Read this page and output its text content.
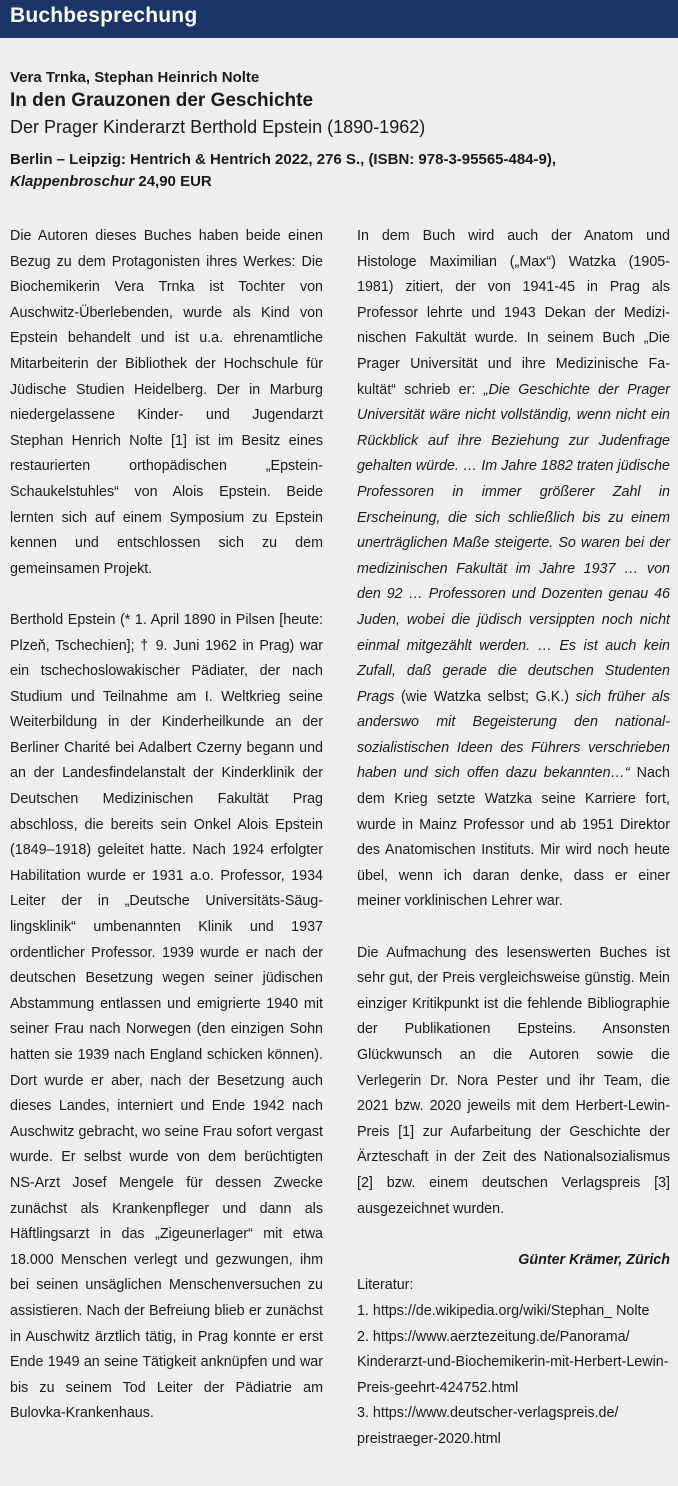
Buchbesprechung
Vera Trnka, Stephan Heinrich Nolte
In den Grauzonen der Geschichte
Der Prager Kinderarzt Berthold Epstein (1890-1962)
Berlin – Leipzig: Hentrich & Hentrich 2022, 276 S., (ISBN: 978-3-95565-484-9),
Klappenbroschur 24,90 EUR

Die Autoren dieses Buches haben beide einen Bezug zu dem Protagonisten ihres Werkes: Die Biochemikerin Vera Trnka ist Tochter von Auschwitz-Überlebenden, wurde als Kind von Epstein behandelt und ist u.a. ehrenamtliche Mitarbeiterin der Bibliothek der Hochschule für Jüdische Studien Heidelberg. Der in Marburg niedergelassene Kinder- und Jugendarzt Stephan Henrich Nolte [1] ist im Besitz eines restaurierten orthopädischen „Epstein-Schaukelstuhles“ von Alois Epstein. Beide lernten sich auf einem Symposium zu Epstein kennen und entschlossen sich zu dem gemeinsamen Projekt.

Berthold Epstein (* 1. April 1890 in Pilsen [heute: Plzeň, Tschechien]; † 9. Juni 1962 in Prag) war ein tschechoslowakischer Pädiater, der nach Studium und Teilnahme am I. Weltkrieg seine Weiterbildung in der Kinderheilkunde an der Berliner Charité bei Adalbert Czerny begann und an der Landesfindelanstalt der Kinderklinik der Deutschen Medizinischen Fakultät Prag abschloss, die bereits sein Onkel Alois Epstein (1849–1918) geleitet hatte. Nach 1924 erfolgter Habilitation wurde er 1931 a.o. Professor, 1934 Leiter der in „Deutsche Universitäts-Säuglingsklinik“ umbenannten Klinik und 1937 ordentlicher Professor. 1939 wurde er nach der deutschen Besetzung wegen seiner jüdischen Abstammung entlassen und emigrierte 1940 mit seiner Frau nach Norwegen (den einzigen Sohn hatten sie 1939 nach England schicken können). Dort wurde er aber, nach der Besetzung auch dieses Landes, interniert und Ende 1942 nach Auschwitz gebracht, wo seine Frau sofort vergast wurde. Er selbst wurde von dem berüchtigten NS-Arzt Josef Mengele für dessen Zwecke zunächst als Krankenpfleger und dann als Häftlingsarzt in das „Zigeunerlager“ mit etwa 18.000 Menschen verlegt und gezwungen, ihm bei seinen unsäglichen Menschenversuchen zu assistieren. Nach der Befreiung blieb er zunächst in Auschwitz ärztlich tätig, in Prag konnte er erst Ende 1949 an seine Tätigkeit anknüpfen und war bis zu seinem Tod Leiter der Pädiatrie am Bulovka-Krankenhaus.

In dem Buch wird auch der Anatom und Histologe Maximilian („Max“) Watzka (1905-1981) zitiert, der von 1941-45 in Prag als Professor lehrte und 1943 Dekan der Medizinischen Fakultät wurde. In seinem Buch „Die Prager Universität und ihre Medizinische Fakultät“ schrieb er: „Die Geschichte der Prager Universität wäre nicht vollständig, wenn nicht ein Rückblick auf ihre Beziehung zur Judenfrage gehalten würde. … Im Jahre 1882 traten jüdische Professoren in immer größerer Zahl in Erscheinung, die sich schließlich bis zu einem unerträglichen Maße steigerte. So waren bei der medizinischen Fakultät im Jahre 1937 … von den 92 … Professoren und Dozenten genau 46 Juden, wobei die jüdisch versippten noch nicht einmal mitgezählt werden. … Es ist auch kein Zufall, daß gerade die deutschen Studenten Prags (wie Watzka selbst; G.K.) sich früher als anderswo mit Begeisterung den nationalsozialistischen Ideen des Führers verschrieben haben und sich offen dazu bekannten…“ Nach dem Krieg setzte Watzka seine Karriere fort, wurde in Mainz Professor und ab 1951 Direktor des Anatomischen Instituts. Mir wird noch heute übel, wenn ich daran denke, dass er einer meiner vorklinischen Lehrer war.

Die Aufmachung des lesenswerten Buches ist sehr gut, der Preis vergleichsweise günstig. Mein einziger Kritikpunkt ist die fehlende Bibliographie der Publikationen Epsteins. Ansonsten Glückwunsch an die Autoren sowie die Verlegerin Dr. Nora Pester und ihr Team, die 2021 bzw. 2020 jeweils mit dem Herbert-Lewin-Preis [1] zur Aufarbeitung der Geschichte der Ärzteschaft in der Zeit des Nationalsozialismus [2] bzw. einem deutschen Verlagspreis [3] ausgezeichnet wurden.

Günter Krämer, Zürich

Literatur:

1. https://de.wikipedia.org/wiki/Stephan_ Nolte

2. https://www.aerztezeitung.de/Panorama/ Kinderarzt-und-Biochemikerin-mit-Herbert-Lewin-Preis-geehrt-424752.html

3. https://www.deutscher-verlagspreis.de/ preistraeger-2020.html
